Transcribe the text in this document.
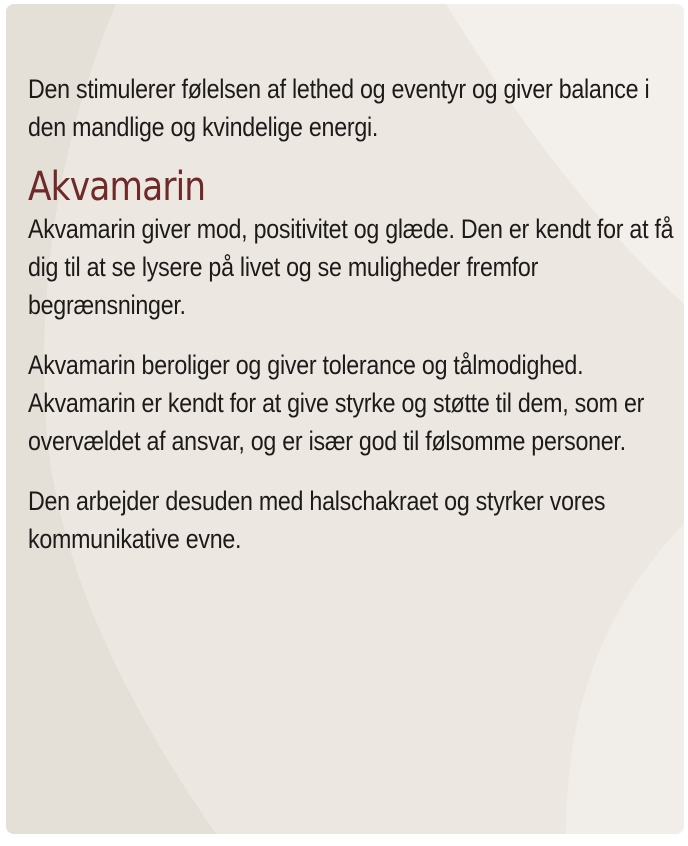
Den stimulerer følelsen af lethed og eventyr og giver balance i den mandlige og kvindelige energi.

Akvamarin

Akvamarin giver mod, positivitet og glæde. Den er kendt for at få dig til at se lysere på livet og se muligheder fremfor begrænsninger.

Akvamarin beroliger og giver tolerance og tålmodighed. Akvamarin er kendt for at give styrke og støtte til dem, som er overvældet af ansvar, og er især god til følsomme personer.

Den arbejder desuden med halschakraet og styrker vores kommunikative evne.
